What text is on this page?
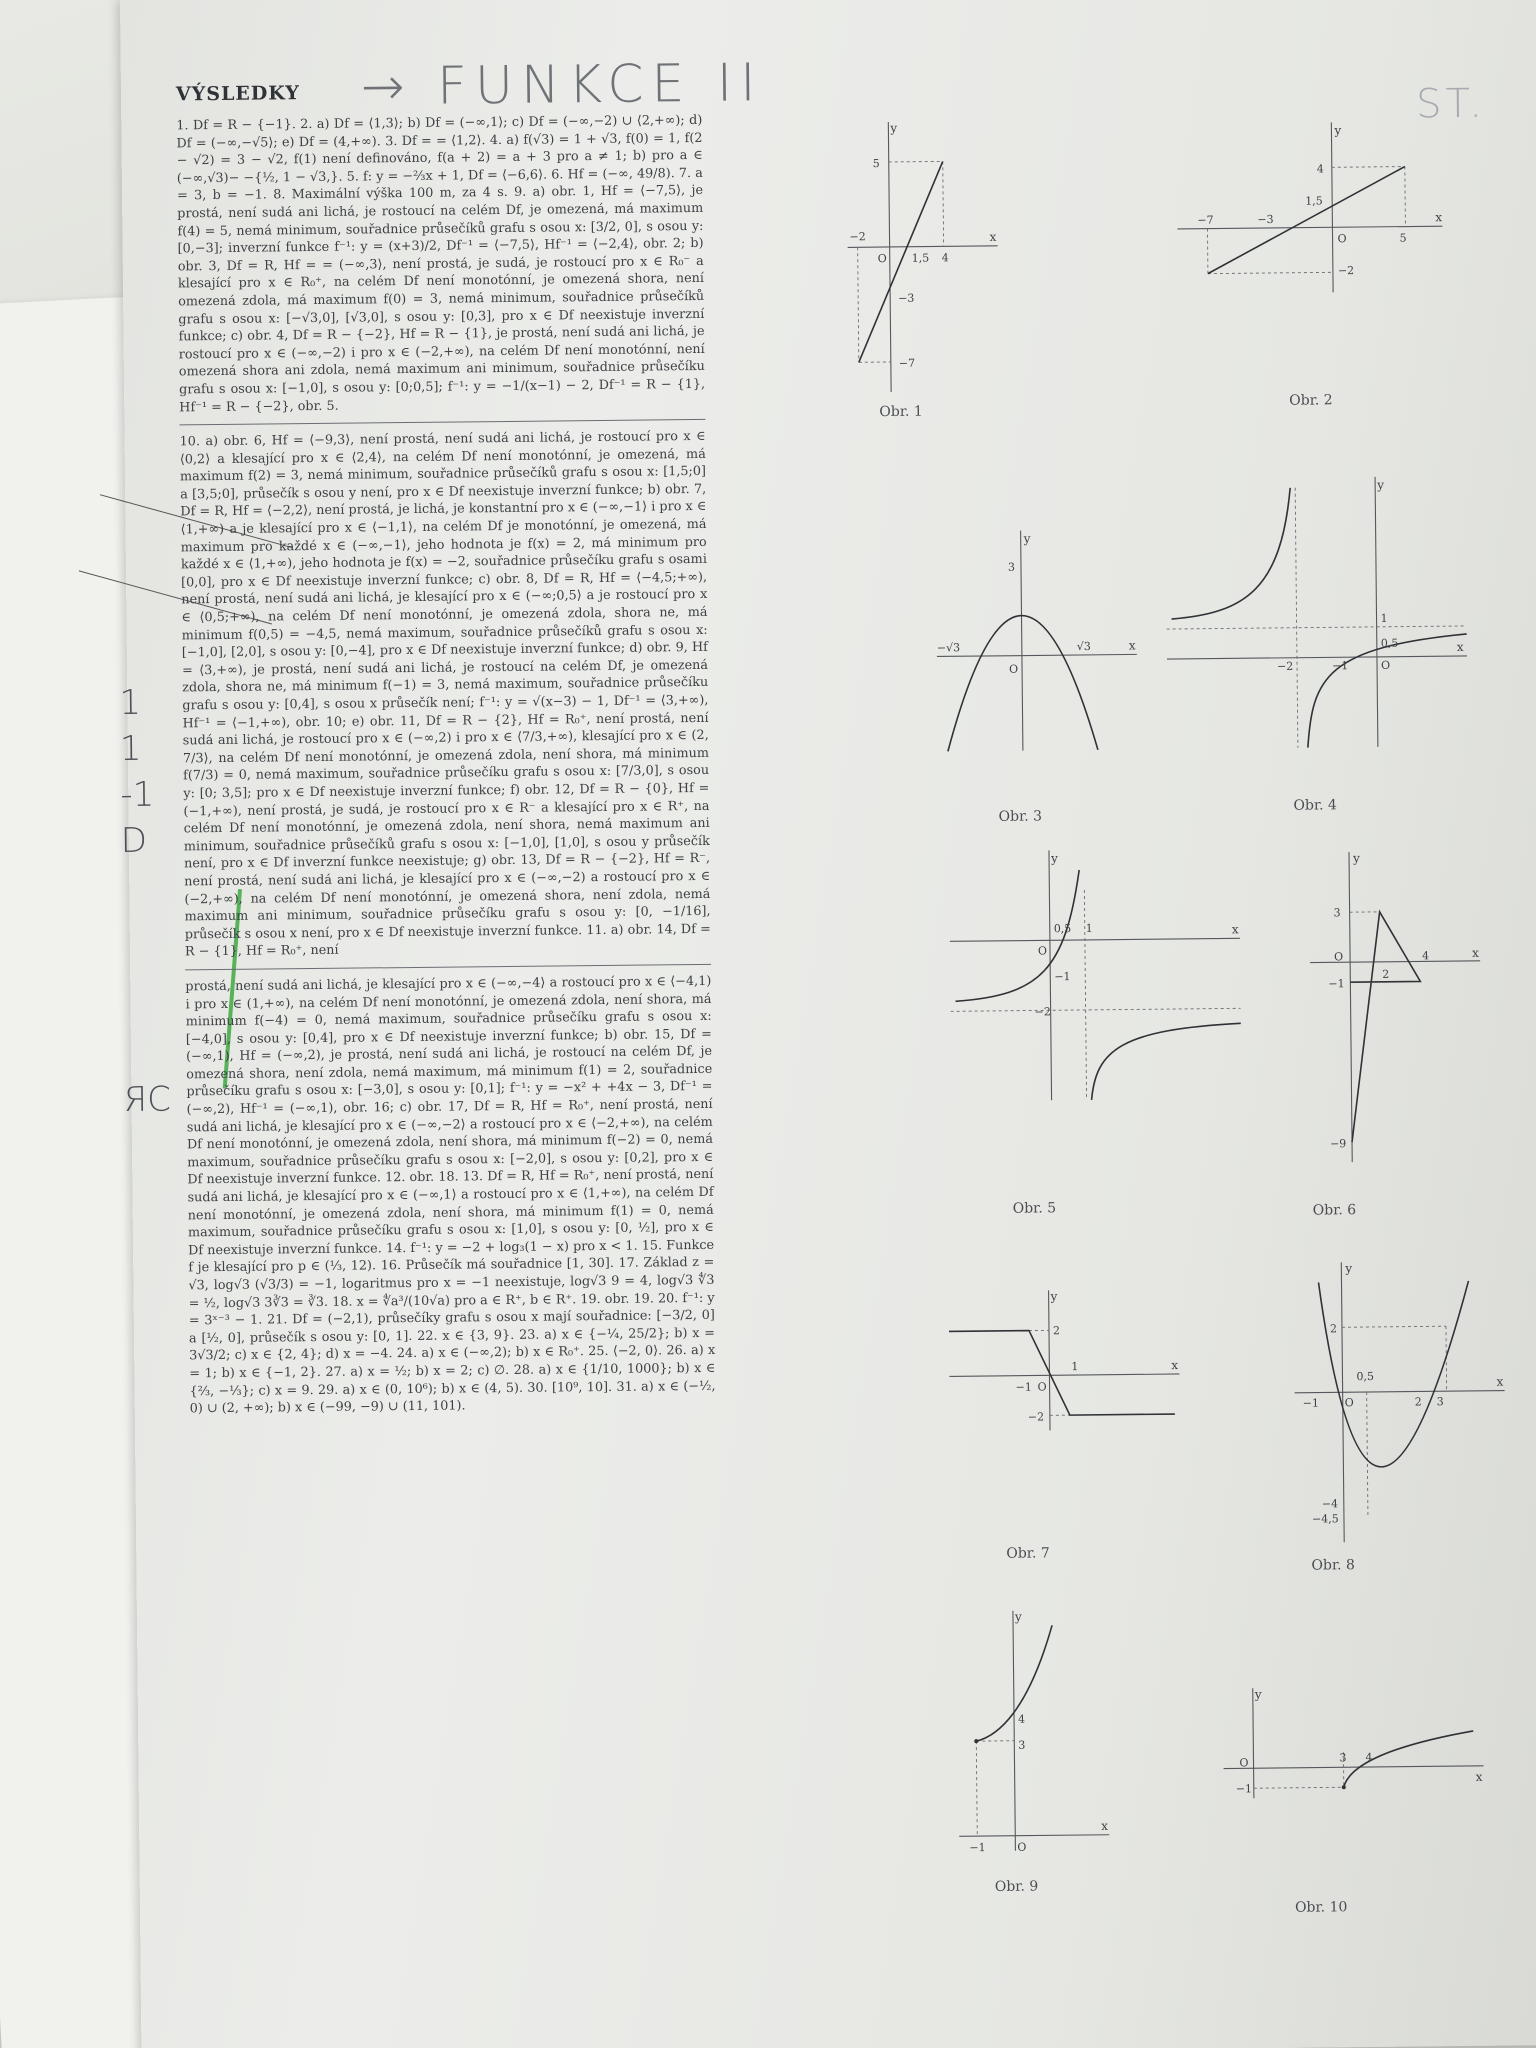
1
1
-1
D
ЯС
VÝSLEDKY → FUNKCE II	ST.

1. Df = R − {−1}. 2. a) Df = ⟨1,3⟩; b) Df = (−∞,1⟩; c) Df = (−∞,−2) ∪ ⟨2,+∞); d) Df = (−∞,−√5⟩; e) Df = (4,+∞). 3. Df = = ⟨1,2⟩. 4. a) f(√3) = 1 + √3, f(0) = 1, f(2 − √2) = 3 − √2, f(1) není definováno, f(a + 2) = a + 3 pro a ≠ 1; b) pro a ∈ (−∞,√3)− −{½, 1 − √3,}. 5. f: y = −⅔x + 1, Df = ⟨−6,6⟩. 6. Hf = (−∞, 49/8). 7. a = 3, b = −1. 8. Maximální výška 100 m, za 4 s. 9. a) obr. 1, Hf = ⟨−7,5⟩, je prostá, není sudá ani lichá, je rostoucí na celém Df, je omezená, má maximum f(4) = 5, nemá minimum, souřadnice průsečíků grafu s osou x: [3/2, 0], s osou y: [0,−3]; inverzní funkce f⁻¹: y = (x+3)/2, Df⁻¹ = ⟨−7,5⟩, Hf⁻¹ = ⟨−2,4⟩, obr. 2; b) obr. 3, Df = R, Hf = = (−∞,3⟩, není prostá, je sudá, je rostoucí pro x ∈ R₀⁻ a klesající pro x ∈ R₀⁺, na celém Df není monotónní, je omezená shora, není omezená zdola, má maximum f(0) = 3, nemá minimum, souřadnice průsečíků grafu s osou x: [−√3,0], [√3,0], s osou y: [0,3], pro x ∈ Df neexistuje inverzní funkce; c) obr. 4, Df = R − {−2}, Hf = R − {1}, je prostá, není sudá ani lichá, je rostoucí pro x ∈ (−∞,−2) i pro x ∈ (−2,+∞), na celém Df není monotónní, není omezená shora ani zdola, nemá maximum ani minimum, souřadnice průsečíku grafu s osou x: [−1,0], s osou y: [0;0,5]; f⁻¹: y = −1/(x−1) − 2, Df⁻¹ = R − {1}, Hf⁻¹ = R − {−2}, obr. 5.

10. a) obr. 6, Hf = ⟨−9,3⟩, není prostá, není sudá ani lichá, je rostoucí pro x ∈ ⟨0,2⟩ a klesající pro x ∈ ⟨2,4⟩, na celém Df není monotónní, je omezená, má maximum f(2) = 3, nemá minimum, souřadnice průsečíků grafu s osou x: [1,5;0] a [3,5;0], průsečík s osou y není, pro x ∈ Df neexistuje inverzní funkce; b) obr. 7, Df = R, Hf = ⟨−2,2⟩, není prostá, je lichá, je konstantní pro x ∈ (−∞,−1⟩ i pro x ∈ ⟨1,+∞) a je klesající pro x ∈ ⟨−1,1⟩, na celém Df je monotónní, je omezená, má maximum pro každé x ∈ (−∞,−1⟩, jeho hodnota je f(x) = 2, má minimum pro každé x ∈ ⟨1,+∞), jeho hodnota je f(x) = −2, souřadnice průsečíku grafu s osami [0,0], pro x ∈ Df neexistuje inverzní funkce; c) obr. 8, Df = R, Hf = ⟨−4,5;+∞), není prostá, není sudá ani lichá, je klesající pro x ∈ (−∞;0,5⟩ a je rostoucí pro x ∈ ⟨0,5;+∞), na celém Df není monotónní, je omezená zdola, shora ne, má minimum f(0,5) = −4,5, nemá maximum, souřadnice průsečíků grafu s osou x: [−1,0], [2,0], s osou y: [0,−4], pro x ∈ Df neexistuje inverzní funkce; d) obr. 9, Hf = ⟨3,+∞), je prostá, není sudá ani lichá, je rostoucí na celém Df, je omezená zdola, shora ne, má minimum f(−1) = 3, nemá maximum, souřadnice průsečíku grafu s osou y: [0,4], s osou x průsečík není; f⁻¹: y = √(x−3) − 1, Df⁻¹ = ⟨3,+∞), Hf⁻¹ = ⟨−1,+∞), obr. 10; e) obr. 11, Df = R − {2}, Hf = R₀⁺, není prostá, není sudá ani lichá, je rostoucí pro x ∈ (−∞,2) i pro x ∈ ⟨7/3,+∞), klesající pro x ∈ (2, 7/3⟩, na celém Df není monotónní, je omezená zdola, není shora, má minimum f(7/3) = 0, nemá maximum, souřadnice průsečíku grafu s osou x: [7/3,0], s osou y: [0; 3,5]; pro x ∈ Df neexistuje inverzní funkce; f) obr. 12, Df = R − {0}, Hf = (−1,+∞), není prostá, je sudá, je rostoucí pro x ∈ R⁻ a klesající pro x ∈ R⁺, na celém Df není monotónní, je omezená zdola, není shora, nemá maximum ani minimum, souřadnice průsečíků grafu s osou x: [−1,0], [1,0], s osou y průsečík není, pro x ∈ Df inverzní funkce neexistuje; g) obr. 13, Df = R − {−2}, Hf = R⁻, není prostá, není sudá ani lichá, je klesající pro x ∈ (−∞,−2) a rostoucí pro x ∈ (−2,+∞), na celém Df není monotónní, je omezená shora, není zdola, nemá maximum ani minimum, souřadnice průsečíku grafu s osou y: [0, −1/16], průsečík s osou x není, pro x ∈ Df neexistuje inverzní funkce. 11. a) obr. 14, Df = R − {1}, Hf = R₀⁺, není

prostá, není sudá ani lichá, je klesající pro x ∈ (−∞,−4⟩ a rostoucí pro x ∈ ⟨−4,1) i pro x ∈ (1,+∞), na celém Df není monotónní, je omezená zdola, není shora, má minimum f(−4) = 0, nemá maximum, souřadnice průsečíku grafu s osou x: [−4,0], s osou y: [0,4], pro x ∈ Df neexistuje inverzní funkce; b) obr. 15, Df = (−∞,1), Hf = (−∞,2), je prostá, není sudá ani lichá, je rostoucí na celém Df, je omezená shora, není zdola, nemá maximum, má minimum f(1) = 2, souřadnice průsečíku grafu s osou x: [−3,0], s osou y: [0,1]; f⁻¹: y = −x² + +4x − 3, Df⁻¹ = (−∞,2), Hf⁻¹ = (−∞,1), obr. 16; c) obr. 17, Df = R, Hf = R₀⁺, není prostá, není sudá ani lichá, je klesající pro x ∈ (−∞,−2⟩ a rostoucí pro x ∈ ⟨−2,+∞), na celém Df není monotónní, je omezená zdola, není shora, má minimum f(−2) = 0, nemá maximum, souřadnice průsečíku grafu s osou x: [−2,0], s osou y: [0,2], pro x ∈ Df neexistuje inverzní funkce. 12. obr. 18. 13. Df = R, Hf = R₀⁺, není prostá, není sudá ani lichá, je klesající pro x ∈ (−∞,1⟩ a rostoucí pro x ∈ ⟨1,+∞), na celém Df není monotónní, je omezená zdola, není shora, má minimum f(1) = 0, nemá maximum, souřadnice průsečíku grafu s osou x: [1,0], s osou y: [0, ½], pro x ∈ Df neexistuje inverzní funkce. 14. f⁻¹: y = −2 + log₃(1 − x) pro x < 1. 15. Funkce f je klesající pro p ∈ (⅓, 12). 16. Průsečík má souřadnice [1, 30]. 17. Základ z = √3, log√3 (√3/3) = −1, logaritmus pro x = −1 neexistuje, log√3 9 = 4, log√3 ∜3 = ½, log√3 3∛3 = ∛3. 18. x = ∜a³/(10√a) pro a ∈ R⁺, b ∈ R⁺. 19. obr. 19. 20. f⁻¹: y = 3ˣ⁻³ − 1. 21. Df = (−2,1), průsečíky grafu s osou x mají souřadnice: [−3/2, 0] a [½, 0], průsečík s osou y: [0, 1]. 22. x ∈ {3, 9}. 23. a) x ∈ {−¼, 25/2}; b) x = 3√3/2; c) x ∈ {2, 4}; d) x = −4. 24. a) x ∈ (−∞,2); b) x ∈ R₀⁺. 25. ⟨−2, 0⟩. 26. a) x = 1; b) x ∈ {−1, 2}. 27. a) x = ½; b) x = 2; c) ∅. 28. a) x ∈ {1/10, 1000}; b) x ∈ {⅔, −⅓}; c) x = 9. 29. a) x ∈ (0, 10⁶); b) x ∈ (4, 5). 30. [10⁹, 10]. 31. a) x ∈ (−½, 0) ∪ (2, +∞); b) x ∈ (−99, −9) ∪ (11, 101).

y
x
5
−2
O 1,5 4
−3
−7
Obr. 1
y
x
4
1,5
−7	−3
O	5
−2
Obr. 2
y
x
3
−√3
O
√3
Obr. 3
y
x
1
−2	−1	O
0,5
Obr. 4
y
x
0,5 1
O
−1
−2
Obr. 5
y
x
3
O	4
2
−1
−9
Obr. 6
y
x
2
−1 O
1
−2
Obr. 7
y
x
2
0,5
−1 O	2 3
−4
−4,5
Obr. 8
y
x
4
3
−1	O
Obr. 9
y
x
O	3 4
−1
Obr. 10
